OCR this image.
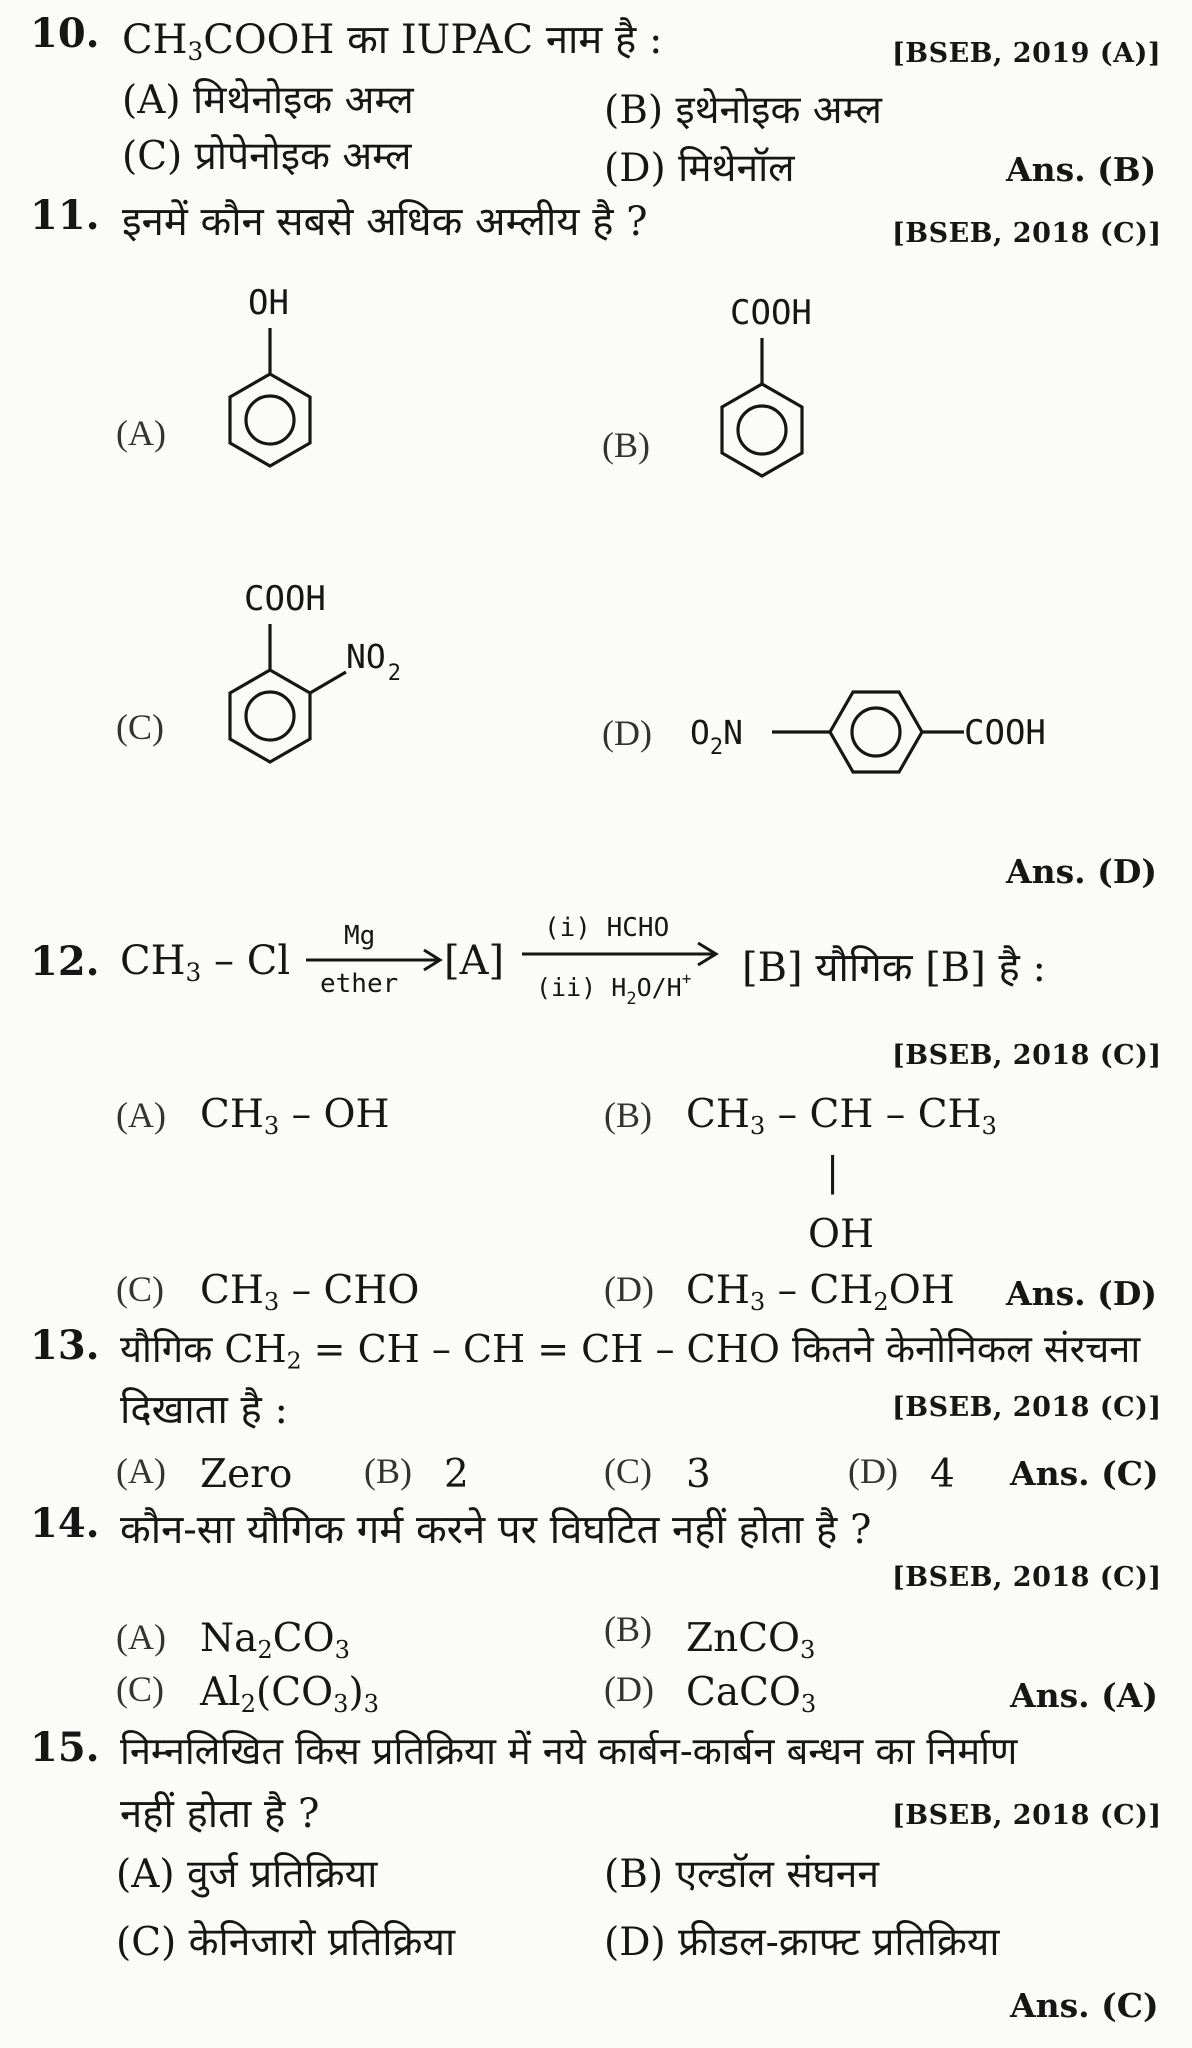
10. $CH_3COOH$ का IUPAC नाम है :	[BSEB, 2019 (A)]
(A) मिथेनोइक अम्ल	(B) इथेनोइक अम्ल
(C) प्रोपेनोइक अम्ल	(D) मिथेनॉल	Ans. (B)
11. इनमें कौन सबसे अधिक अम्लीय है ?	[BSEB, 2018 (C)]
(A)
OH
(B)
COOH
(C)
COOH
$NO_2$
(D) $O_2N$	COOH
Ans. (D)
12. $CH_3$ – Cl
Mg
ether [A]
(i) HCHO
(ii) $H_2O/H^+$ [B] यौगिक [B] है :
[BSEB, 2018 (C)]
(A) $CH_3$ – OH	(B) $CH_3$ – CH – $CH_3$
|
OH
(C) $CH_3$ – CHO	(D) $CH_3 - CH_2OH$ Ans. (D)
13. यौगिक $CH_2$ = CH – CH = CH – CHO कितने केनोनिकल संरचना
दिखाता है :	[BSEB, 2018 (C)]
(A) Zero (B) 2	(C) 3	(D) 4 Ans. (C)
14. कौन-सा यौगिक गर्म करने पर विघटित नहीं होता है ?
[BSEB, 2018 (C)]
(A) $Na_2CO_3$
(B) ZnCO$_3$
(C) $Al_2(CO_3)_3$	(D) CaCO$_3$	Ans. (A)
15. निम्नलिखित किस प्रतिक्रिया में नये कार्बन-कार्बन बन्धन का निर्माण
नहीं होता है ?	[BSEB, 2018 (C)]
(A) वुर्ज प्रतिक्रिया	(B) एल्डॉल संघनन
(C) केनिजारो प्रतिक्रिया	(D) फ्रीडल-क्राफ्ट प्रतिक्रिया
Ans. (C)
